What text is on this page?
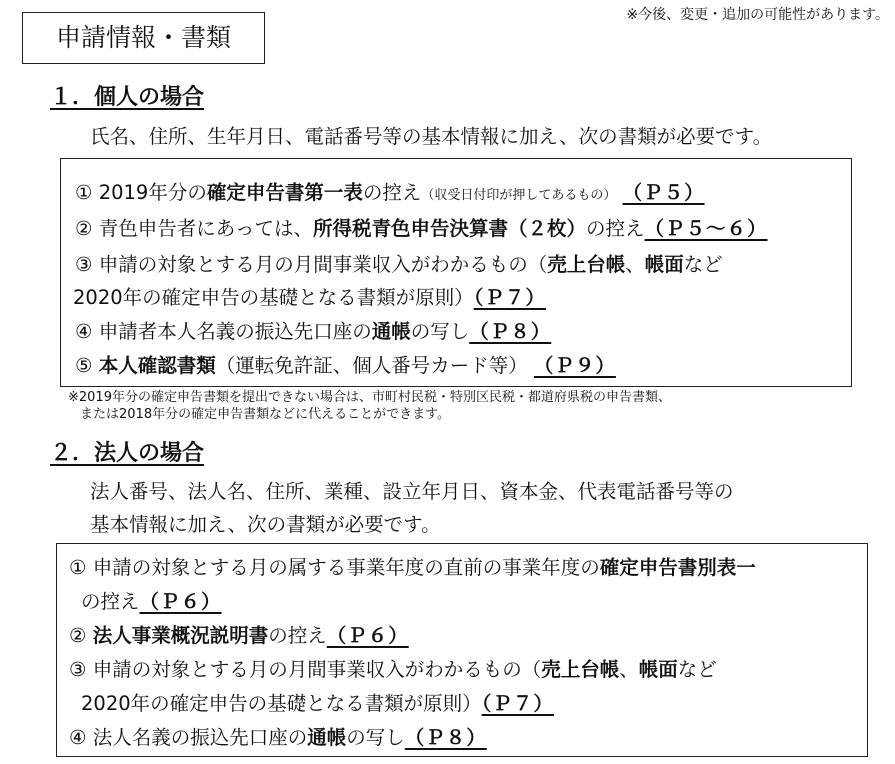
申請情報・書類
※今後、変更・追加の可能性があります。
１．個人の場合
氏名、住所、生年月日、電話番号等の基本情報に加え、次の書類が必要です。
① 2019年分の確定申告書第一表の控え（収受日付印が押してあるもの） （Ｐ５）
② 青色申告者にあっては、所得税青色申告決算書（２枚）の控え（Ｐ５～６）
③ 申請の対象とする月の月間事業収入がわかるもの（売上台帳、帳面など
2020年の確定申告の基礎となる書類が原則）（Ｐ７）
④ 申請者本人名義の振込先口座の通帳の写し（Ｐ８）
⑤ 本人確認書類（運転免許証、個人番号カード等） （Ｐ９）
※2019年分の確定申告書類を提出できない場合は、市町村民税・特別区民税・都道府県税の申告書類、
または2018年分の確定申告書類などに代えることができます。
２．法人の場合
法人番号、法人名、住所、業種、設立年月日、資本金、代表電話番号等の
基本情報に加え、次の書類が必要です。
① 申請の対象とする月の属する事業年度の直前の事業年度の確定申告書別表一
の控え（Ｐ６）
② 法人事業概況説明書の控え（Ｐ６）
③ 申請の対象とする月の月間事業収入がわかるもの（売上台帳、帳面など
2020年の確定申告の基礎となる書類が原則）（Ｐ７）
④ 法人名義の振込先口座の通帳の写し（Ｐ８）
